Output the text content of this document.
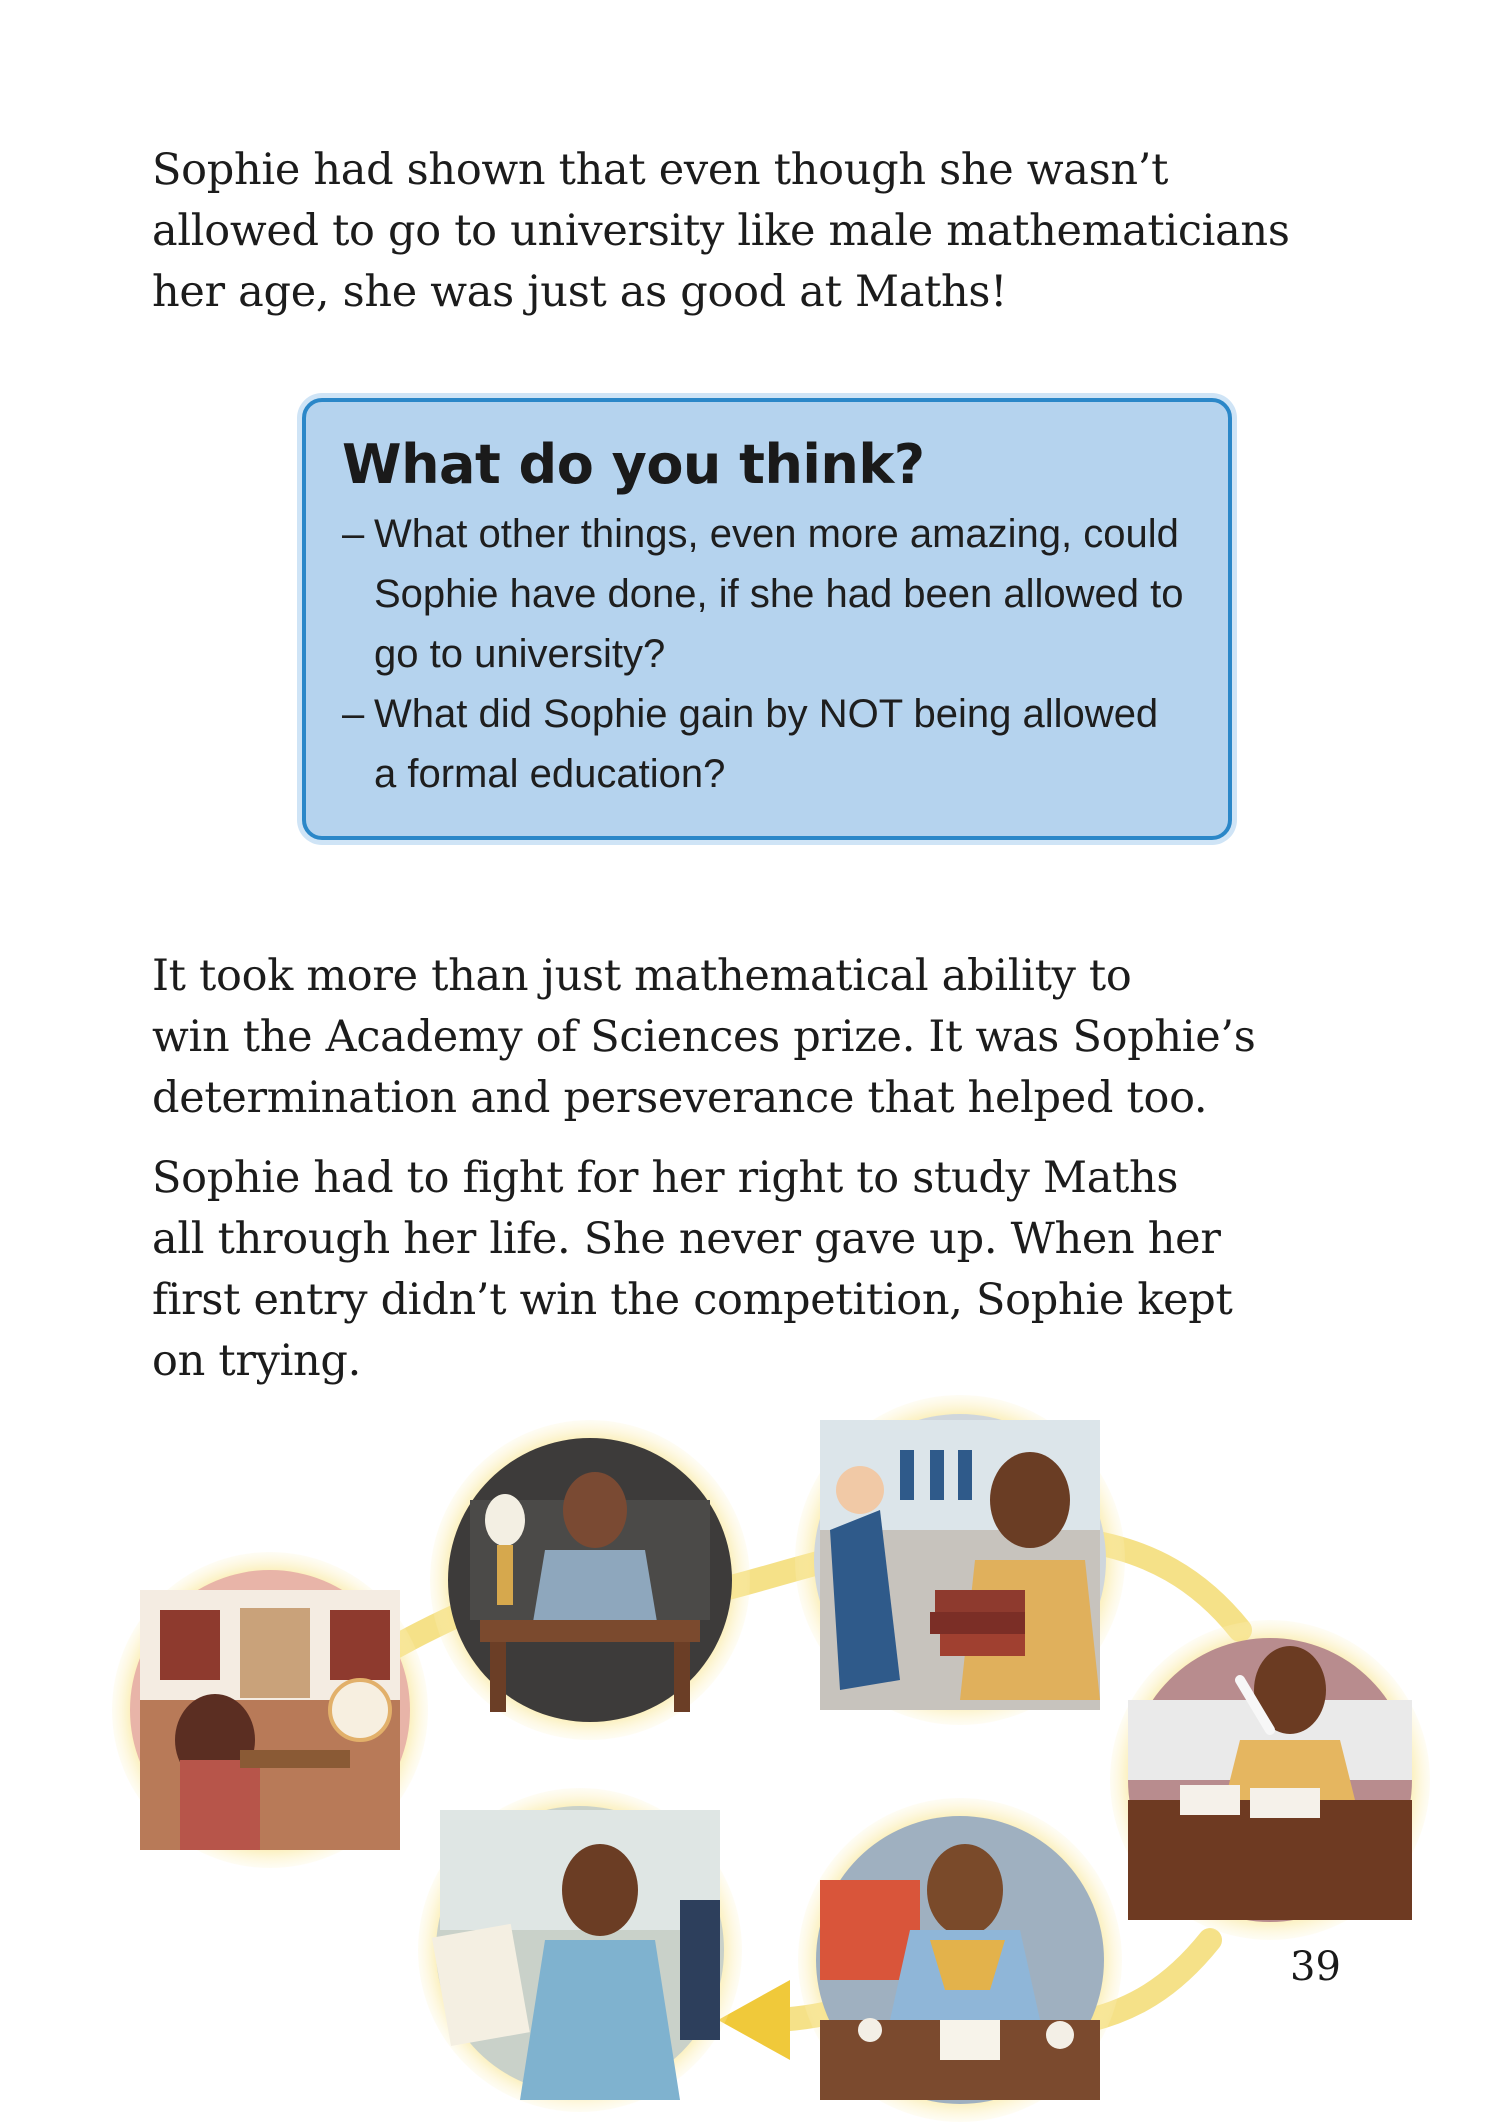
Sophie had shown that even though she wasn’t
allowed to go to university like male mathematicians
her age, she was just as good at Maths!

What do you think?
– What other things, even more amazing, could
Sophie have done, if she had been allowed to
go to university?
– What did Sophie gain by NOT being allowed
a formal education?

It took more than just mathematical ability to
win the Academy of Sciences prize. It was Sophie’s
determination and perseverance that helped too.

Sophie had to fight for her right to study Maths
all through her life. She never gave up. When her
first entry didn’t win the competition, Sophie kept
on trying.

39
